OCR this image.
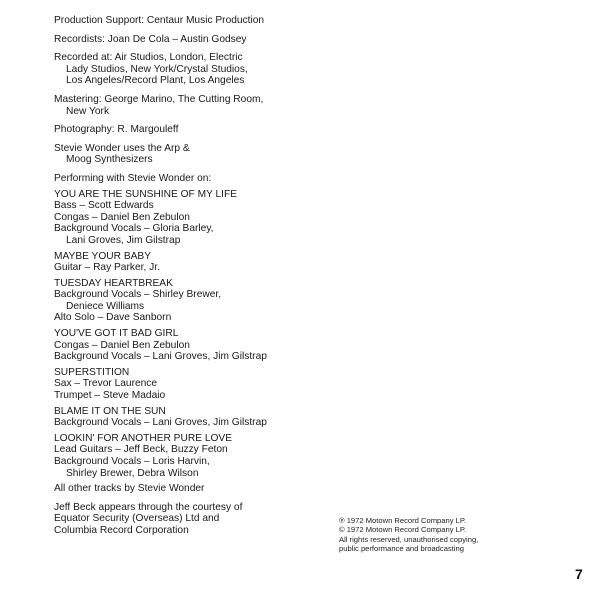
Production Support: Centaur Music Production
Recordists: Joan De Cola – Austin Godsey
Recorded at: Air Studios, London, Electric
Lady Studios, New York/Crystal Studios,
Los Angeles/Record Plant, Los Angeles
Mastering: George Marino, The Cutting Room,
New York
Photography: R. Margouleff
Stevie Wonder uses the Arp &
Moog Synthesizers
Performing with Stevie Wonder on:
YOU ARE THE SUNSHINE OF MY LIFE
Bass – Scott Edwards
Congas – Daniel Ben Zebulon
Background Vocals – Gloria Barley,
Lani Groves, Jim Gilstrap
MAYBE YOUR BABY
Guitar – Ray Parker, Jr.
TUESDAY HEARTBREAK
Background Vocals – Shirley Brewer,
Deniece Williams
Alto Solo – Dave Sanborn
YOU'VE GOT IT BAD GIRL
Congas – Daniel Ben Zebulon
Background Vocals – Lani Groves, Jim Gilstrap
SUPERSTITION
Sax – Trevor Laurence
Trumpet – Steve Madaio
BLAME IT ON THE SUN
Background Vocals – Lani Groves, Jim Gilstrap
LOOKIN' FOR ANOTHER PURE LOVE
Lead Guitars – Jeff Beck, Buzzy Feton
Background Vocals – Loris Harvin,
Shirley Brewer, Debra Wilson
All other tracks by Stevie Wonder
Jeff Beck appears through the courtesy of
Equator Security (Overseas) Ltd and
Columbia Record Corporation
℗ 1972 Motown Record Company LP.
© 1972 Motown Record Company LP.
All rights reserved, unauthorised copying,
public performance and broadcasting
7
